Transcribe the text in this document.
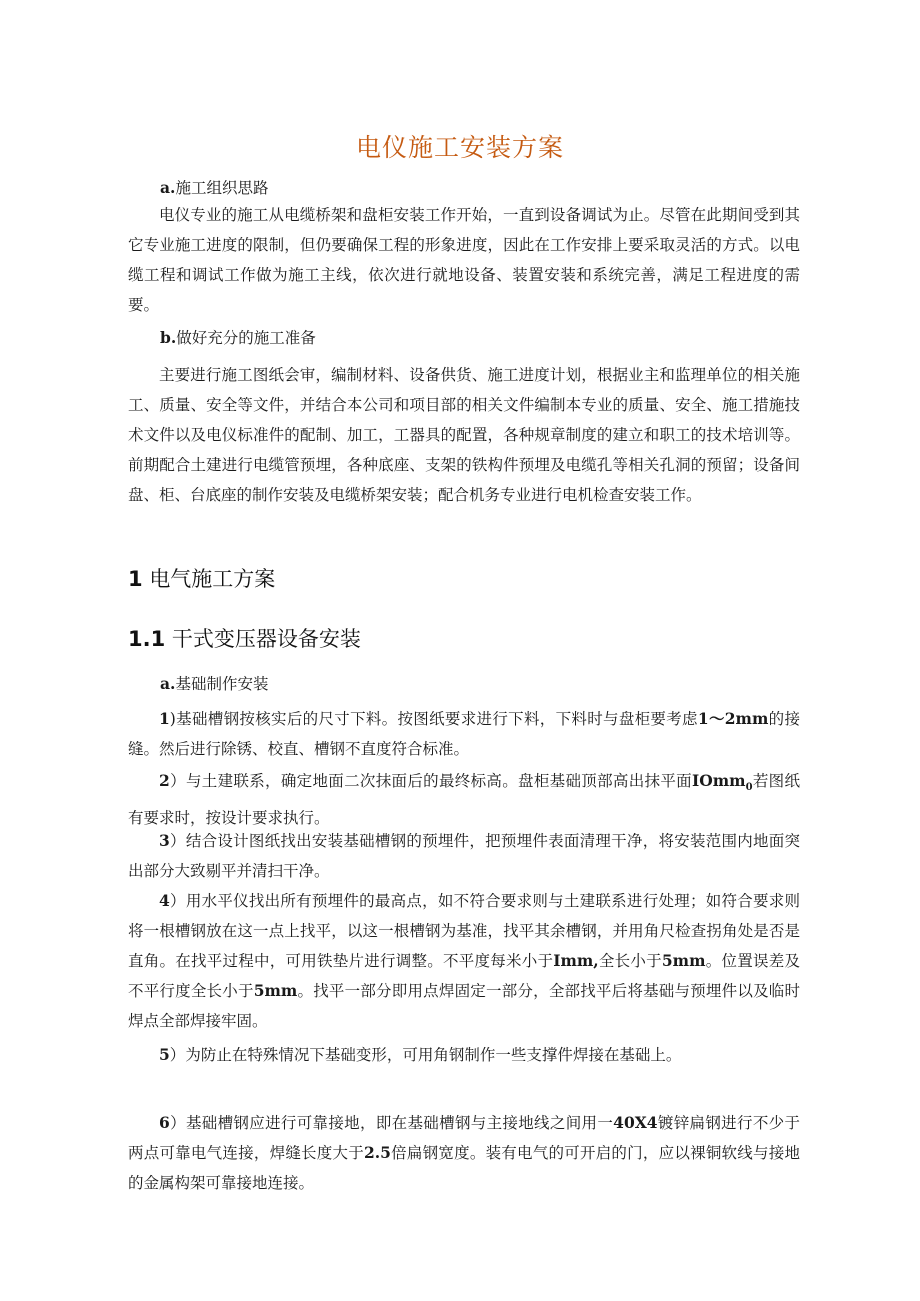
电仪施工安装方案
a.施工组织思路

电仪专业的施工从电缆桥架和盘柜安装工作开始，一直到设备调试为止。尽管在此期间受到其它专业施工进度的限制，但仍要确保工程的形象进度，因此在工作安排上要采取灵活的方式。以电缆工程和调试工作做为施工主线，依次进行就地设备、装置安装和系统完善，满足工程进度的需要。

b.做好充分的施工准备

主要进行施工图纸会审，编制材料、设备供货、施工进度计划，根据业主和监理单位的相关施工、质量、安全等文件，并结合本公司和项目部的相关文件编制本专业的质量、安全、施工措施技术文件以及电仪标准件的配制、加工，工器具的配置，各种规章制度的建立和职工的技术培训等。前期配合土建进行电缆管预埋，各种底座、支架的铁构件预埋及电缆孔等相关孔洞的预留；设备间盘、柜、台底座的制作安装及电缆桥架安装；配合机务专业进行电机检查安装工作。

1 电气施工方案
1.1 干式变压器设备安装
a.基础制作安装

1)基础槽钢按核实后的尺寸下料。按图纸要求进行下料，下料时与盘柜要考虑1～2mm的接缝。然后进行除锈、校直、槽钢不直度符合标准。

2）与土建联系，确定地面二次抹面后的最终标高。盘柜基础顶部高出抹平面IOmm$_0$若图纸有要求时，按设计要求执行。

3）结合设计图纸找出安装基础槽钢的预埋件，把预埋件表面清理干净，将安装范围内地面突出部分大致剔平并清扫干净。

4）用水平仪找出所有预埋件的最高点，如不符合要求则与土建联系进行处理；如符合要求则将一根槽钢放在这一点上找平，以这一根槽钢为基准，找平其余槽钢，并用角尺检查拐角处是否是直角。在找平过程中，可用铁垫片进行调整。不平度每米小于Imm,全长小于5mm。位置误差及不平行度全长小于5mm。找平一部分即用点焊固定一部分，全部找平后将基础与预埋件以及临时焊点全部焊接牢固。

5）为防止在特殊情况下基础变形，可用角钢制作一些支撑件焊接在基础上。

6）基础槽钢应进行可靠接地，即在基础槽钢与主接地线之间用一40X4镀锌扁钢进行不少于两点可靠电气连接，焊缝长度大于2.5倍扁钢宽度。装有电气的可开启的门，应以裸铜软线与接地的金属构架可靠接地连接。
